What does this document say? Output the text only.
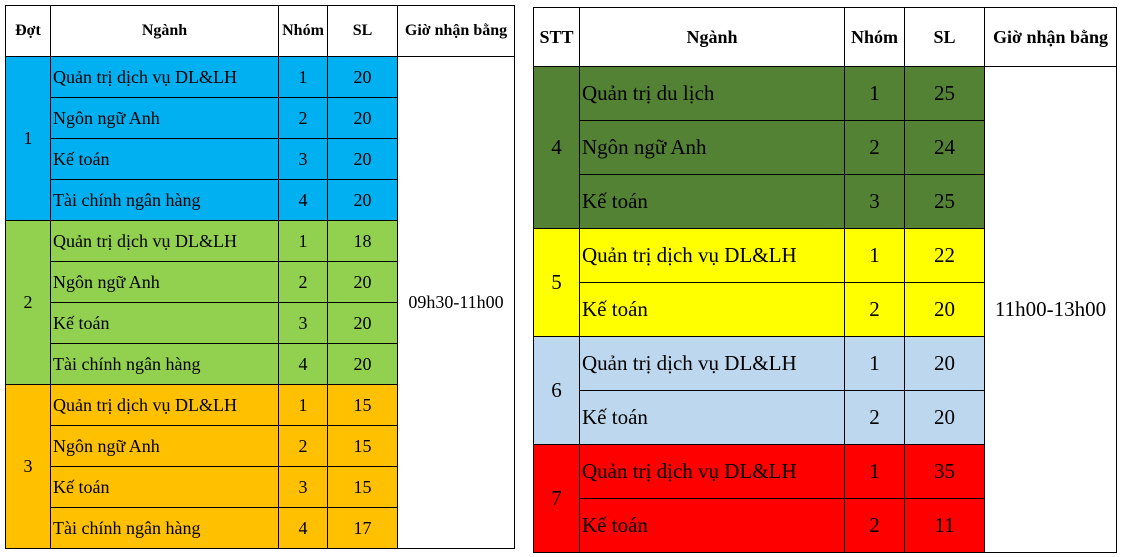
Đợt	Ngành	Nhóm	SL	Giờ nhận bằng
1	Quản trị dịch vụ DL&LH	1	20	09h30-11h00
	Ngôn ngữ Anh	2	20	
	Kế toán	3	20	
	Tài chính ngân hàng	4	20	
2	Quản trị dịch vụ DL&LH	1	18	
	Ngôn ngữ Anh	2	20	
	Kế toán	3	20	
	Tài chính ngân hàng	4	20	
3	Quản trị dịch vụ DL&LH	1	15	
	Ngôn ngữ Anh	2	15	
	Kế toán	3	15	
	Tài chính ngân hàng	4	17	
STT	Ngành	Nhóm	SL	Giờ nhận bằng
4	Quản trị du lịch	1	25	11h00-13h00
	Ngôn ngữ Anh	2	24	
	Kế toán	3	25	
5	Quản trị dịch vụ DL&LH	1	22	
	Kế toán	2	20	
6	Quản trị dịch vụ DL&LH	1	20	
	Kế toán	2	20	
7	Quản trị dịch vụ DL&LH	1	35	
	Kế toán	2	11	
